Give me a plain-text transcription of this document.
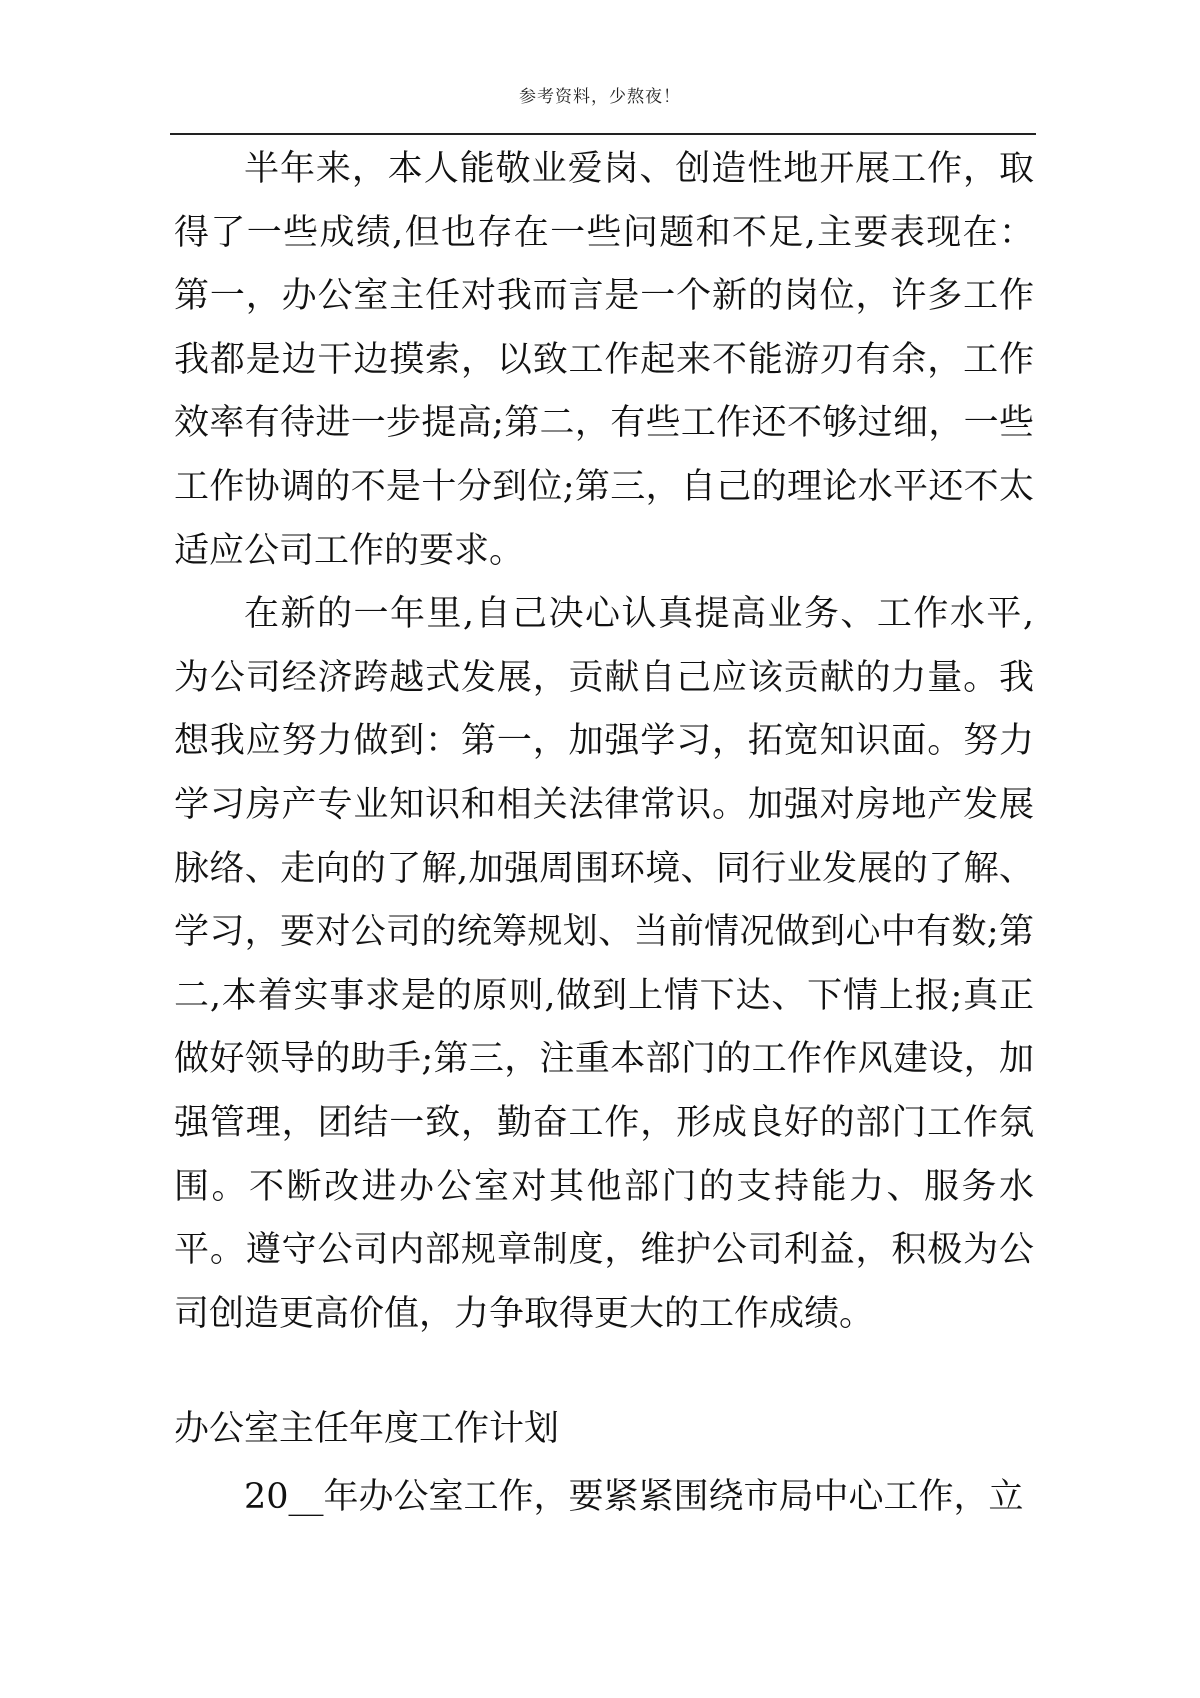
参考资料，少熬夜！

半年来，本人能敬业爱岗、创造性地开展工作，取得了一些成绩,但也存在一些问题和不足,主要表现在：第一，办公室主任对我而言是一个新的岗位，许多工作我都是边干边摸索，以致工作起来不能游刃有余，工作效率有待进一步提高;第二，有些工作还不够过细，一些工作协调的不是十分到位;第三，自己的理论水平还不太适应公司工作的要求。

在新的一年里,自己决心认真提高业务、工作水平,为公司经济跨越式发展，贡献自己应该贡献的力量。我想我应努力做到：第一，加强学习，拓宽知识面。努力学习房产专业知识和相关法律常识。加强对房地产发展脉络、走向的了解,加强周围环境、同行业发展的了解、学习，要对公司的统筹规划、当前情况做到心中有数;第二,本着实事求是的原则,做到上情下达、下情上报;真正做好领导的助手;第三，注重本部门的工作作风建设，加强管理，团结一致，勤奋工作，形成良好的部门工作氛围。不断改进办公室对其他部门的支持能力、服务水平。遵守公司内部规章制度，维护公司利益，积极为公司创造更高价值，力争取得更大的工作成绩。

办公室主任年度工作计划

20__年办公室工作，要紧紧围绕市局中心工作，立
